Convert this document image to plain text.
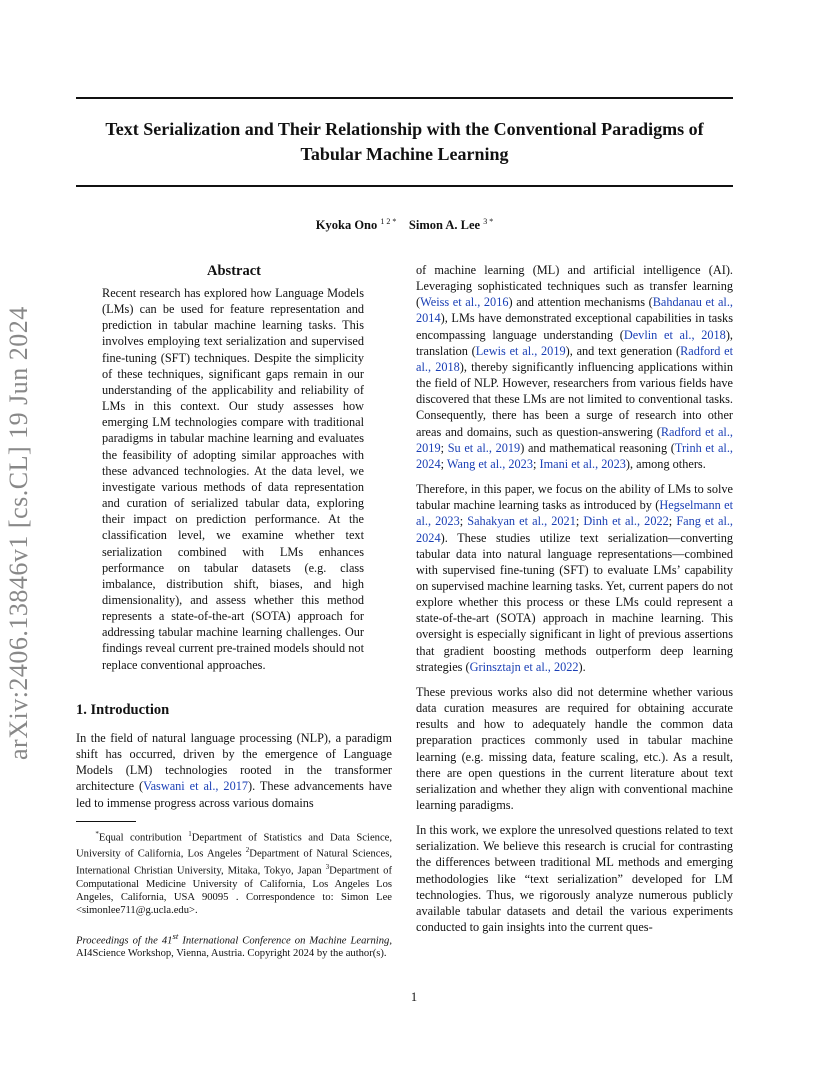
Text Serialization and Their Relationship with the Conventional Paradigms of Tabular Machine Learning
Kyoka Ono $^{1 2 *}$ Simon A. Lee $^{3 *}$
arXiv:2406.13846v1 [cs.CL] 19 Jun 2024
Abstract

Recent research has explored how Language Models (LMs) can be used for feature representation and prediction in tabular machine learning tasks. This involves employing text serialization and supervised fine-tuning (SFT) techniques. Despite the simplicity of these techniques, significant gaps remain in our understanding of the applicability and reliability of LMs in this context. Our study assesses how emerging LM technologies compare with traditional paradigms in tabular machine learning and evaluates the feasibility of adopting similar approaches with these advanced technologies. At the data level, we investigate various methods of data representation and curation of serialized tabular data, exploring their impact on prediction performance. At the classification level, we examine whether text serialization combined with LMs enhances performance on tabular datasets (e.g. class imbalance, distribution shift, biases, and high dimensionality), and assess whether this method represents a state-of-the-art (SOTA) approach for addressing tabular machine learning challenges. Our findings reveal current pre-trained models should not replace conventional approaches.

1. Introduction

In the field of natural language processing (NLP), a paradigm shift has occurred, driven by the emergence of Language Models (LM) technologies rooted in the transformer architecture (Vaswani et al., 2017). These advancements have led to immense progress across various domains

*Equal contribution $^1$Department of Statistics and Data Science, University of California, Los Angeles $^2$Department of Natural Sciences, International Christian University, Mitaka, Tokyo, Japan $^3$Department of Computational Medicine University of California, Los Angeles Los Angeles, California, USA 90095 . Correspondence to: Simon Lee <simonlee711@g.ucla.edu>.

Proceedings of the 41st International Conference on Machine Learning, AI4Science Workshop, Vienna, Austria. Copyright 2024 by the author(s).

of machine learning (ML) and artificial intelligence (AI). Leveraging sophisticated techniques such as transfer learning (Weiss et al., 2016) and attention mechanisms (Bahdanau et al., 2014), LMs have demonstrated exceptional capabilities in tasks encompassing language understanding (Devlin et al., 2018), translation (Lewis et al., 2019), and text generation (Radford et al., 2018), thereby significantly influencing applications within the field of NLP. However, researchers from various fields have discovered that these LMs are not limited to conventional tasks. Consequently, there has been a surge of research into other areas and domains, such as question-answering (Radford et al., 2019; Su et al., 2019) and mathematical reasoning (Trinh et al., 2024; Wang et al., 2023; Imani et al., 2023), among others.

Therefore, in this paper, we focus on the ability of LMs to solve tabular machine learning tasks as introduced by (Hegselmann et al., 2023; Sahakyan et al., 2021; Dinh et al., 2022; Fang et al., 2024). These studies utilize text serialization—converting tabular data into natural language representations—combined with supervised fine-tuning (SFT) to evaluate LMs’ capability on supervised machine learning tasks. Yet, current papers do not explore whether this process or these LMs could represent a state-of-the-art (SOTA) approach in machine learning. This oversight is especially significant in light of previous assertions that gradient boosting methods outperform deep learning strategies (Grinsztajn et al., 2022).

These previous works also did not determine whether various data curation measures are required for obtaining accurate results and how to adequately handle the common data preparation practices commonly used in tabular machine learning (e.g. missing data, feature scaling, etc.). As a result, there are open questions in the current literature about text serialization and whether they align with conventional machine learning paradigms.

In this work, we explore the unresolved questions related to text serialization. We believe this research is crucial for contrasting the differences between traditional ML methods and emerging methodologies like “text serialization” developed for LM technologies. Thus, we rigorously analyze numerous publicly available tabular datasets and detail the various experiments conducted to gain insights into the current ques-

1
